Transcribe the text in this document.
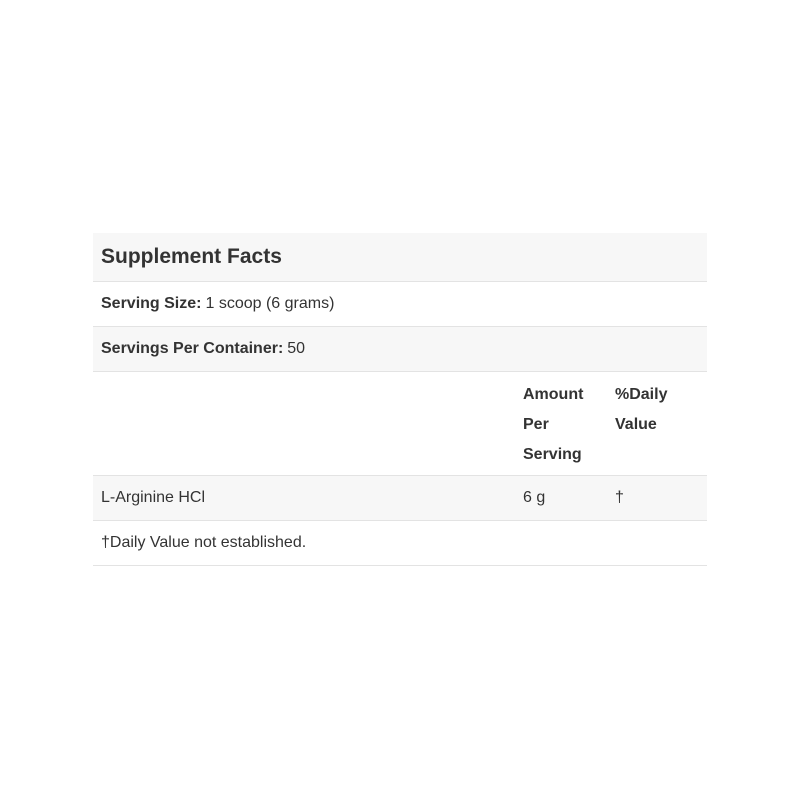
Supplement Facts
Serving Size: 1 scoop (6 grams)
Servings Per Container: 50
Amount
Per
Serving
%Daily
Value
L-Arginine HCl	6 g	†
†Daily Value not established.
